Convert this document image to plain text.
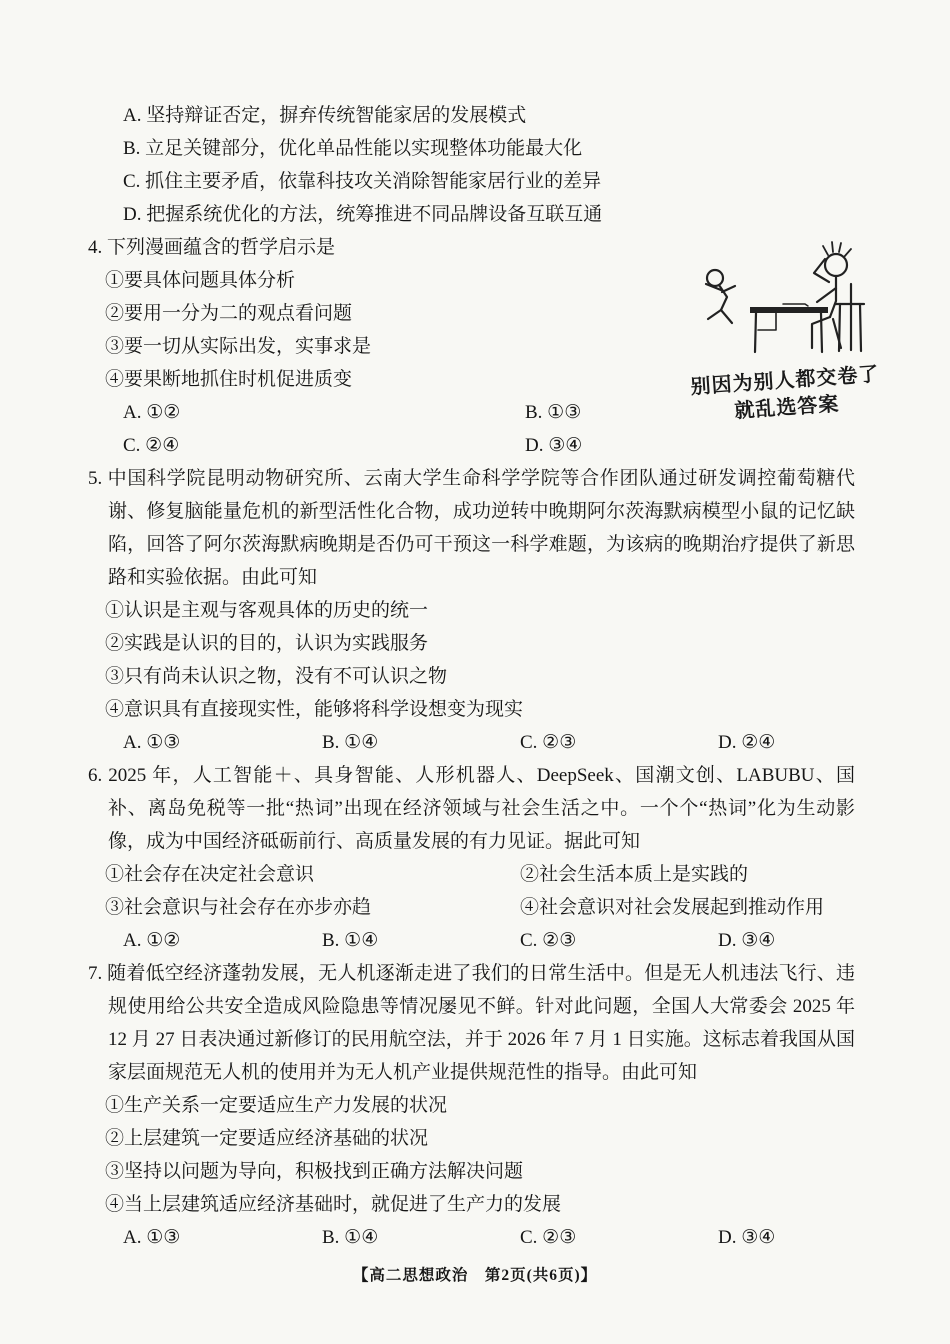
A. 坚持辩证否定，摒弃传统智能家居的发展模式
B. 立足关键部分，优化单品性能以实现整体功能最大化
C. 抓住主要矛盾，依靠科技攻关消除智能家居行业的差异
D. 把握系统优化的方法，统筹推进不同品牌设备互联互通
4. 下列漫画蕴含的哲学启示是
①要具体问题具体分析
②要用一分为二的观点看问题
③要一切从实际出发，实事求是
④要果断地抓住时机促进质变
A. ①②	B. ①③
C. ②④	D. ③④
5. 中国科学院昆明动物研究所、云南大学生命科学学院等合作团队通过研发调控葡萄糖代谢、修复脑能量危机的新型活性化合物，成功逆转中晚期阿尔茨海默病模型小鼠的记忆缺陷，回答了阿尔茨海默病晚期是否仍可干预这一科学难题，为该病的晚期治疗提供了新思路和实验依据。由此可知
①认识是主观与客观具体的历史的统一
②实践是认识的目的，认识为实践服务
③只有尚未认识之物，没有不可认识之物
④意识具有直接现实性，能够将科学设想变为现实
A. ①③	B. ①④	C. ②③	D. ②④
6. 2025 年，人工智能＋、具身智能、人形机器人、DeepSeek、国潮文创、LABUBU、国补、离岛免税等一批“热词”出现在经济领域与社会生活之中。一个个“热词”化为生动影像，成为中国经济砥砺前行、高质量发展的有力见证。据此可知
①社会存在决定社会意识	②社会生活本质上是实践的
③社会意识与社会存在亦步亦趋	④社会意识对社会发展起到推动作用
A. ①②	B. ①④	C. ②③	D. ③④
7. 随着低空经济蓬勃发展，无人机逐渐走进了我们的日常生活中。但是无人机违法飞行、违规使用给公共安全造成风险隐患等情况屡见不鲜。针对此问题，全国人大常委会 2025 年 12 月 27 日表决通过新修订的民用航空法，并于 2026 年 7 月 1 日实施。这标志着我国从国家层面规范无人机的使用并为无人机产业提供规范性的指导。由此可知
①生产关系一定要适应生产力发展的状况
②上层建筑一定要适应经济基础的状况
③坚持以问题为导向，积极找到正确方法解决问题
④当上层建筑适应经济基础时，就促进了生产力的发展
A. ①③	B. ①④	C. ②③	D. ③④
别因为别人都交卷了
就乱选答案
【高二思想政治　第2页(共6页)】
